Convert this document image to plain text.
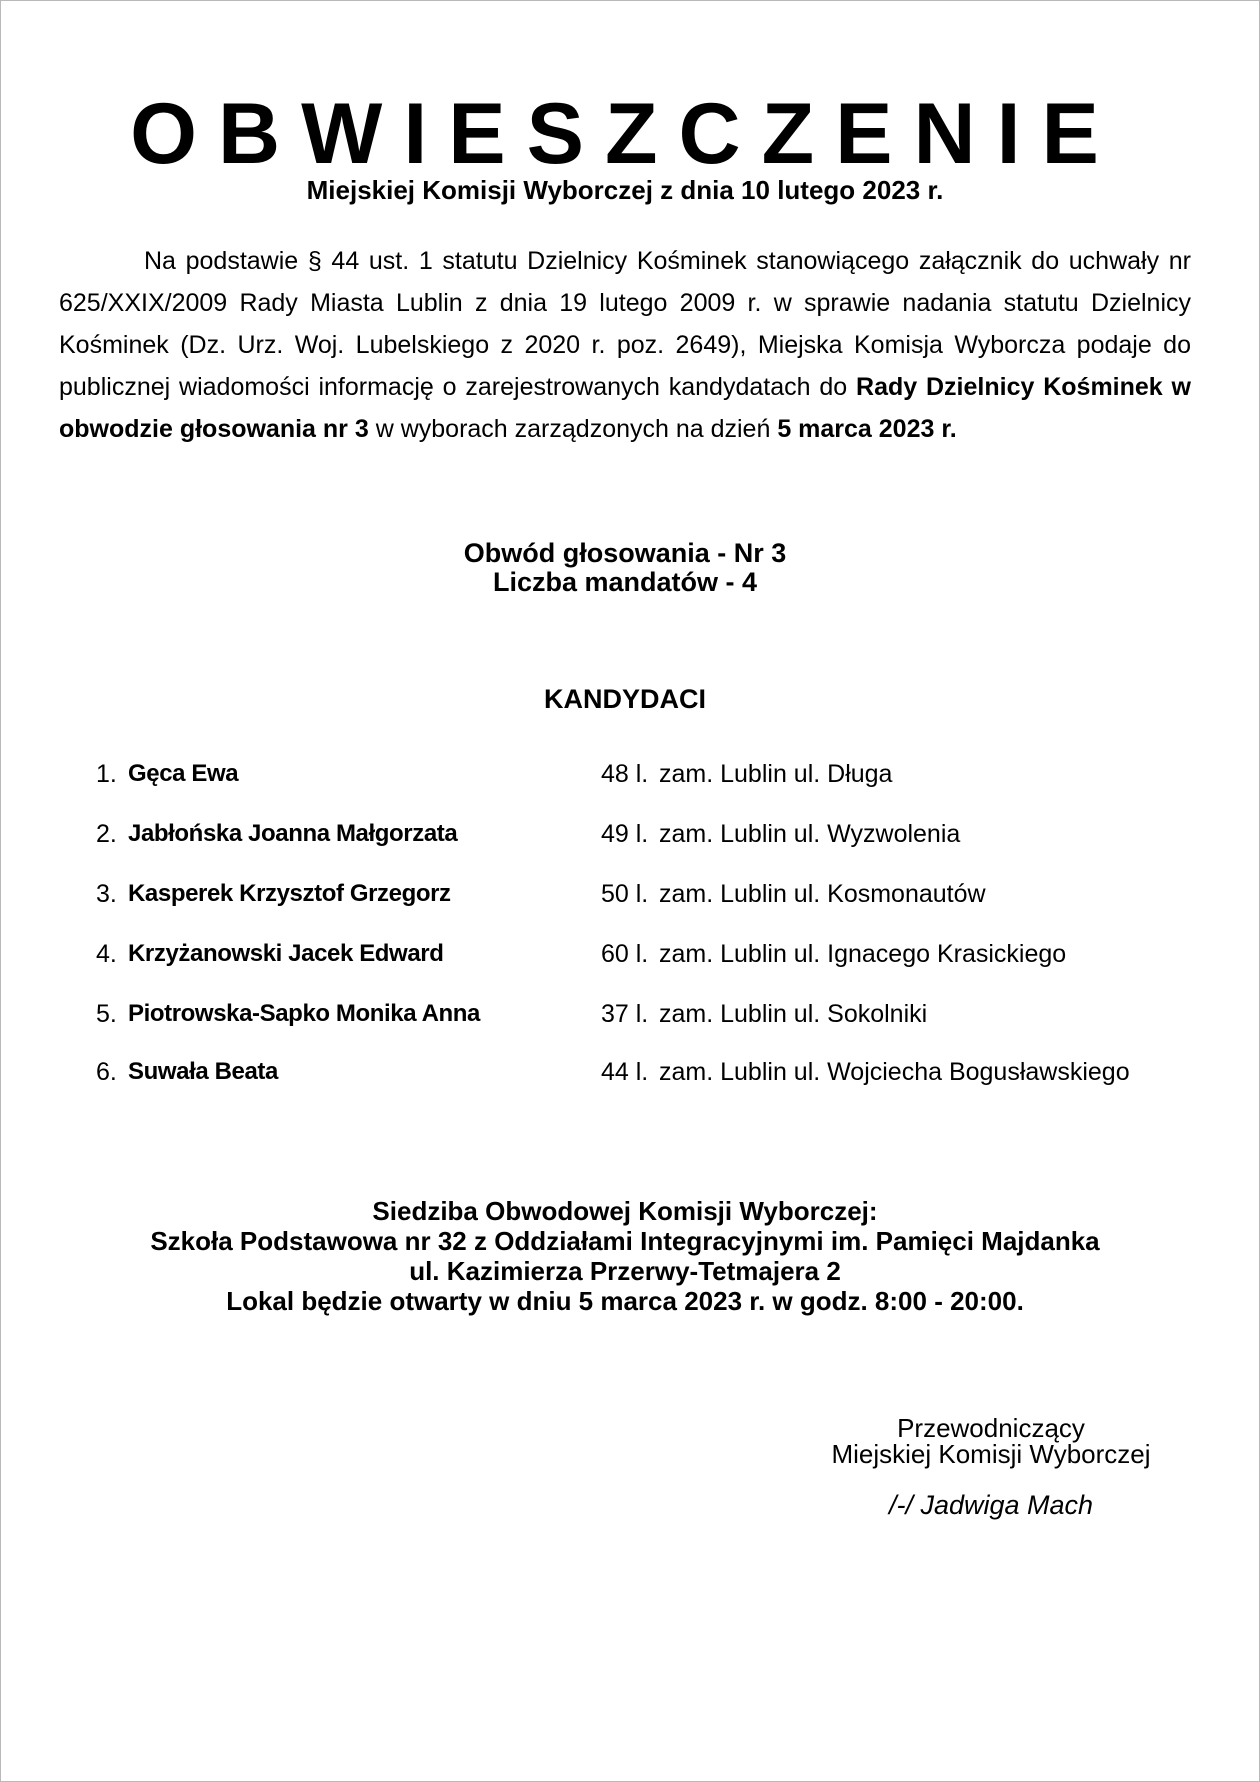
OBWIESZCZENIE
Miejskiej Komisji Wyborczej z dnia 10 lutego 2023 r.

Na podstawie § 44 ust. 1 statutu Dzielnicy Kośminek stanowiącego załącznik do uchwały nr 625/XXIX/2009 Rady Miasta Lublin z dnia 19 lutego 2009 r. w sprawie nadania statutu Dzielnicy Kośminek (Dz. Urz. Woj. Lubelskiego z 2020 r. poz. 2649), Miejska Komisja Wyborcza podaje do publicznej wiadomości informację o zarejestrowanych kandydatach do Rady Dzielnicy Kośminek w obwodzie głosowania nr 3 w wyborach zarządzonych na dzień 5 marca 2023 r.

Obwód głosowania - Nr 3
Liczba mandatów - 4
KANDYDACI
1. Gęca Ewa	48 l. zam. Lublin ul. Długa
2. Jabłońska Joanna Małgorzata	49 l. zam. Lublin ul. Wyzwolenia
3. Kasperek Krzysztof Grzegorz	50 l. zam. Lublin ul. Kosmonautów
4. Krzyżanowski Jacek Edward	60 l. zam. Lublin ul. Ignacego Krasickiego
5. Piotrowska-Sapko Monika Anna	37 l. zam. Lublin ul. Sokolniki
6. Suwała Beata	44 l. zam. Lublin ul. Wojciecha Bogusławskiego
Siedziba Obwodowej Komisji Wyborczej:
Szkoła Podstawowa nr 32 z Oddziałami Integracyjnymi im. Pamięci Majdanka
ul. Kazimierza Przerwy-Tetmajera 2
Lokal będzie otwarty w dniu 5 marca 2023 r. w godz. 8:00 - 20:00.
Przewodniczący
Miejskiej Komisji Wyborczej
/-/ Jadwiga Mach
